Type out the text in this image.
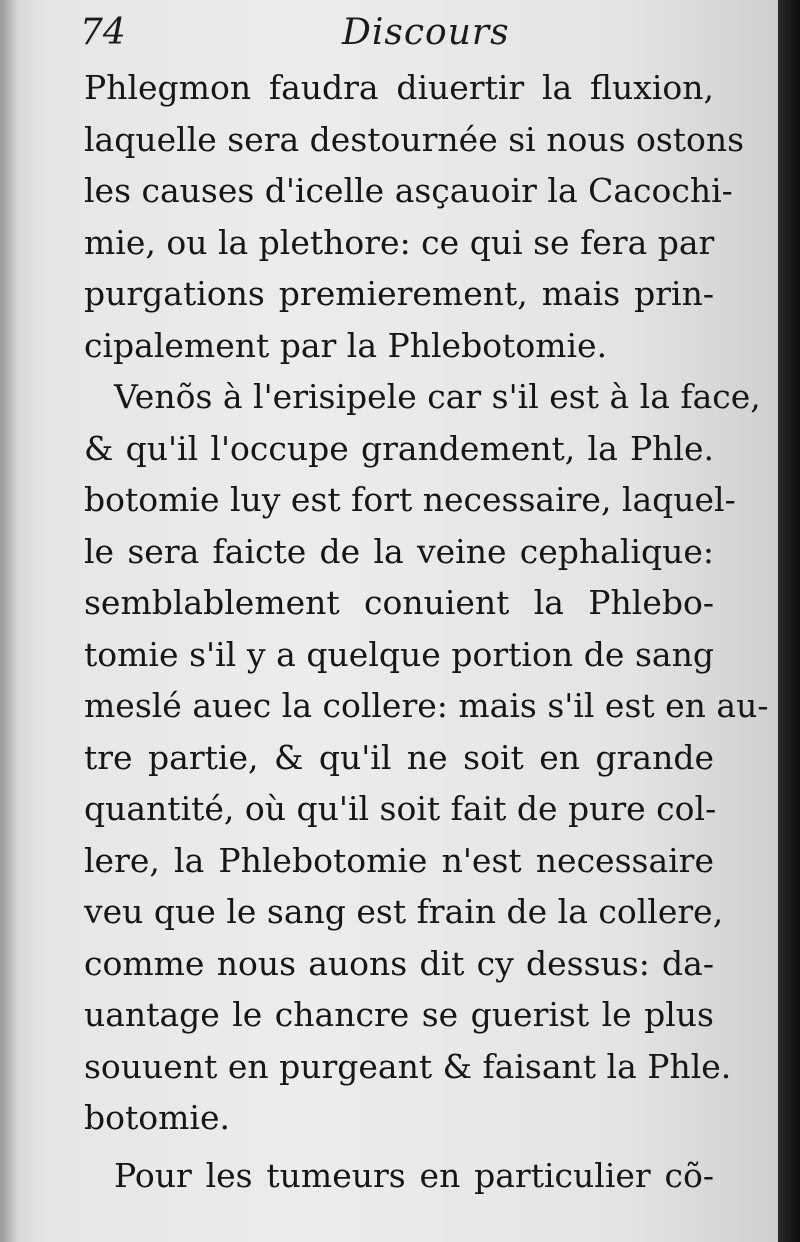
74	Discours
Phlegmon faudra diuertir la fluxion,
laquelle sera destournée si nous ostons
les causes d'icelle asçauoir la Cacochi-
mie, ou la plethore: ce qui se fera par
purgations premierement, mais prin-
cipalement par la Phlebotomie.
Venõs à l'erisipele car s'il est à la face,
& qu'il l'occupe grandement, la Phle.
botomie luy est fort necessaire, laquel-
le sera faicte de la veine cephalique:
semblablement conuient la Phlebo-
tomie s'il y a quelque portion de sang
meslé auec la collere: mais s'il est en au-
tre partie, & qu'il ne soit en grande
quantité, où qu'il soit fait de pure col-
lere, la Phlebotomie n'est necessaire
veu que le sang est frain de la collere,
comme nous auons dit cy dessus: da-
uantage le chancre se guerist le plus
souuent en purgeant & faisant la Phle.
botomie.
Pour les tumeurs en particulier cõ-
